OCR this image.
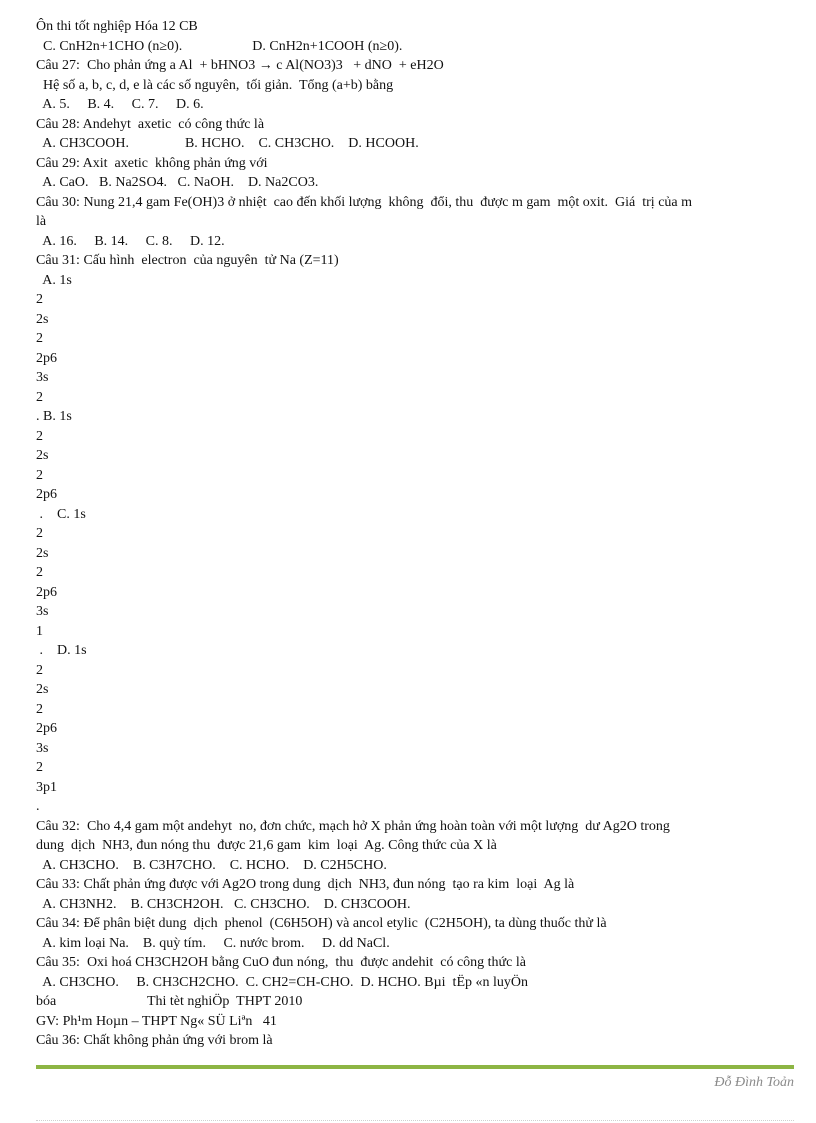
Ôn thi tốt nghiệp Hóa 12 CB
C. CnH2n+1CHO (n≥0).                    D. CnH2n+1COOH (n≥0).
Câu 27:  Cho phản ứng a Al  + bHNO3 → c Al(NO3)3   + dNO  + eH2O
Hệ số a, b, c, d, e là các số nguyên,  tối giản.  Tổng (a+b) bằng
A. 5.     B. 4.     C. 7.     D. 6.
Câu 28: Andehyt  axetic  có công thức là
A. CH3COOH.                B. HCHO.    C. CH3CHO.    D. HCOOH.
Câu 29: Axit  axetic  không phản ứng với
A. CaO.   B. Na2SO4.   C. NaOH.    D. Na2CO3.
Câu 30: Nung 21,4 gam Fe(OH)3 ở nhiệt  cao đến khối lượng  không  đổi, thu  được m gam  một oxit.  Giá  trị của m
là
A. 16.     B. 14.     C. 8.     D. 12.
Câu 31: Cấu hình  electron  của nguyên  tử Na (Z=11)
A. 1s
2
2s
2
2p6
3s
2
. B. 1s
2
2s
2
2p6
.    C. 1s
2
2s
2
2p6
3s
1
.    D. 1s
2
2s
2
2p6
3s
2
3p1
.
Câu 32:  Cho 4,4 gam một andehyt  no, đơn chức, mạch hở X phản ứng hoàn toàn với một lượng  dư Ag2O trong
dung  dịch  NH3, đun nóng thu  được 21,6 gam  kim  loại  Ag. Công thức của X là
A. CH3CHO.    B. C3H7CHO.    C. HCHO.    D. C2H5CHO.
Câu 33: Chất phản ứng được với Ag2O trong dung  dịch  NH3, đun nóng  tạo ra kim  loại  Ag là
A. CH3NH2.    B. CH3CH2OH.   C. CH3CHO.    D. CH3COOH.
Câu 34: Để phân biệt dung  dịch  phenol  (C6H5OH) và ancol etylic  (C2H5OH), ta dùng thuốc thử là
A. kim loại Na.    B. quỳ tím.     C. nước brom.     D. dd NaCl.
Câu 35:  Oxi hoá CH3CH2OH bằng CuO đun nóng,  thu  được andehit  có công thức là
A. CH3CHO.     B. CH3CH2CHO.  C. CH2=CH-CHO.  D. HCHO. Bµi  tËp «n luyÖn
bóa                          Thi tèt nghiÖp  THPT 2010
GV: Ph¹m Hoµn – THPT Ng« SÜ Liªn   41
Câu 36: Chất không phản ứng với brom là
Đỗ Đình Toản
